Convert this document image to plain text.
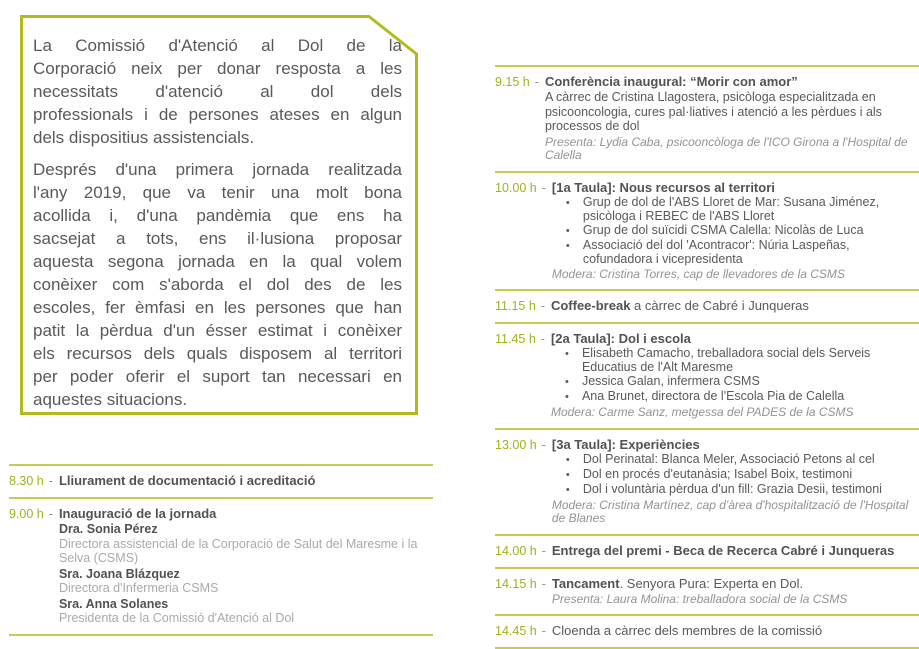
La Comissió d'Atenció al Dol de la
Corporació neix per donar resposta a les
necessitats d'atenció al dol dels
professionals i de persones ateses en algun
dels dispositius assistencials.
Després d'una primera jornada realitzada
l'any 2019, que va tenir una molt bona
acollida i, d'una pandèmia que ens ha
sacsejat a tots, ens il·lusiona proposar
aquesta segona jornada en la qual volem
conèixer com s'aborda el dol des de les
escoles, fer èmfasi en les persones que han
patit la pèrdua d'un ésser estimat i conèixer
els recursos dels quals disposem al territori
per poder oferir el suport tan necessari en
aquestes situacions.
8.30 h - Lliurament de documentació i acreditació
9.00 h - Inauguració de la jornada
Dra. Sonia Pérez
Directora assistencial de la Corporació de Salut del Maresme i la Selva (CSMS)
Sra. Joana Blázquez
Directora d'Infermeria CSMS
Sra. Anna Solanes
Presidenta de la Comissió d'Atenció al Dol
9.15 h - Conferència inaugural: “Morir con amor”
A càrrec de Cristina Llagostera, psicòloga especialitzada en psicooncologia, cures pal·liatives i atenció a les pèrdues i als processos de dol
Presenta: Lydia Caba, psicooncòloga de l'ICO Girona a l'Hospital de Calella
10.00 h - [1a Taula]: Nous recursos al territori
•	Grup de dol de l'ABS Lloret de Mar: Susana Jiménez, psicòloga i REBEC de l'ABS Lloret
•	Grup de dol suïcidi CSMA Calella: Nicolàs de Luca
•	Associació del dol 'Acontracor': Núria Laspeñas, cofundadora i vicepresidenta
Modera: Cristina Torres, cap de llevadores de la CSMS
11.15 h - Coffee-break a càrrec de Cabré i Junqueras
11.45 h - [2a Taula]: Dol i escola
•	Elisabeth Camacho, treballadora social dels Serveis Educatius de l'Alt Maresme
•	Jessica Galan, infermera CSMS
•	Ana Brunet, directora de l'Escola Pia de Calella
Modera: Carme Sanz, metgessa del PADES de la CSMS
13.00 h - [3a Taula]: Experiències
•	Dol Perinatal: Blanca Meler, Associació Petons al cel
•	Dol en procés d'eutanàsia; Isabel Boix, testimoni
•	Dol i voluntària pèrdua d'un fill: Grazia Desii, testimoni
Modera: Cristina Martínez, cap d'àrea d'hospitalització de l'Hospital de Blanes
14.00 h - Entrega del premi - Beca de Recerca Cabré i Junqueras
14.15 h - Tancament. Senyora Pura: Experta en Dol.
Presenta: Laura Molina: treballadora social de la CSMS
14.45 h - Cloenda a càrrec dels membres de la comissió
